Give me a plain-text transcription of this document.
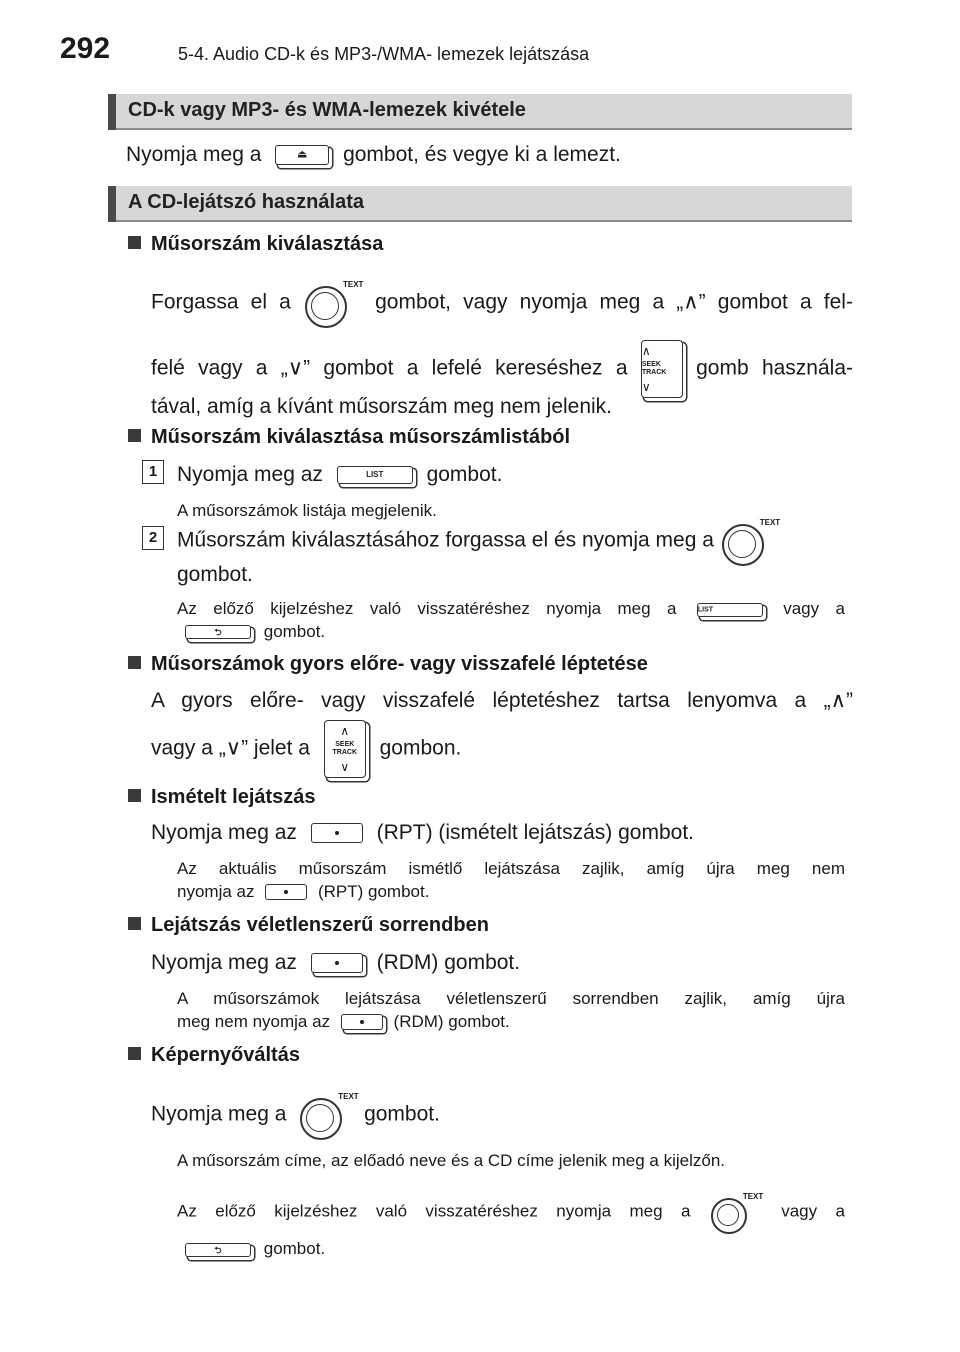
292	5-4. Audio CD-k és MP3-/WMA- lemezek lejátszása
CD-k vagy MP3- és WMA-lemezek kivétele
Nyomja meg a	⏏	gombot, és vegye ki a lemezt.
A CD-lejátszó használata
Műsorszám kiválasztása
Forgassa el a
TEXT
gombot, vagy nyomja meg a „∧” gombot a fel-
felé vagy a „∨” gombot a lefelé kereséshez a
∧
SEEK
TRACK
∨
gomb használa-
tával, amíg a kívánt műsorszám meg nem jelenik.
Műsorszám kiválasztása műsorszámlistából
1 Nyomja meg az	LIST	gombot.
A műsorszámok listája megjelenik.
2 Műsorszám kiválasztásához forgassa el és nyomja meg a
TEXT
gombot.
Az előző kijelzéshez való visszatéréshez nyomja meg a	LIST	vagy a
⮌	gombot.
Műsorszámok gyors előre- vagy visszafelé léptetése
A gyors előre- vagy visszafelé léptetéshez tartsa lenyomva a „∧”
vagy a „∨” jelet a
∧
SEEK
TRACK
∨
gombon.
Ismételt lejátszás
Nyomja meg az	(RPT) (ismételt lejátszás) gombot.
Az aktuális műsorszám ismétlő lejátszása zajlik, amíg újra meg nem
nyomja az	(RPT) gombot.
Lejátszás véletlenszerű sorrendben
Nyomja meg az	(RDM) gombot.
A műsorszámok lejátszása véletlenszerű sorrendben zajlik, amíg újra
meg nem nyomja az	(RDM) gombot.
Képernyőváltás
Nyomja meg a
TEXT
gombot.
A műsorszám címe, az előadó neve és a CD címe jelenik meg a kijelzőn.
Az előző kijelzéshez való visszatéréshez nyomja meg a
TEXT
vagy a
⮌	gombot.
